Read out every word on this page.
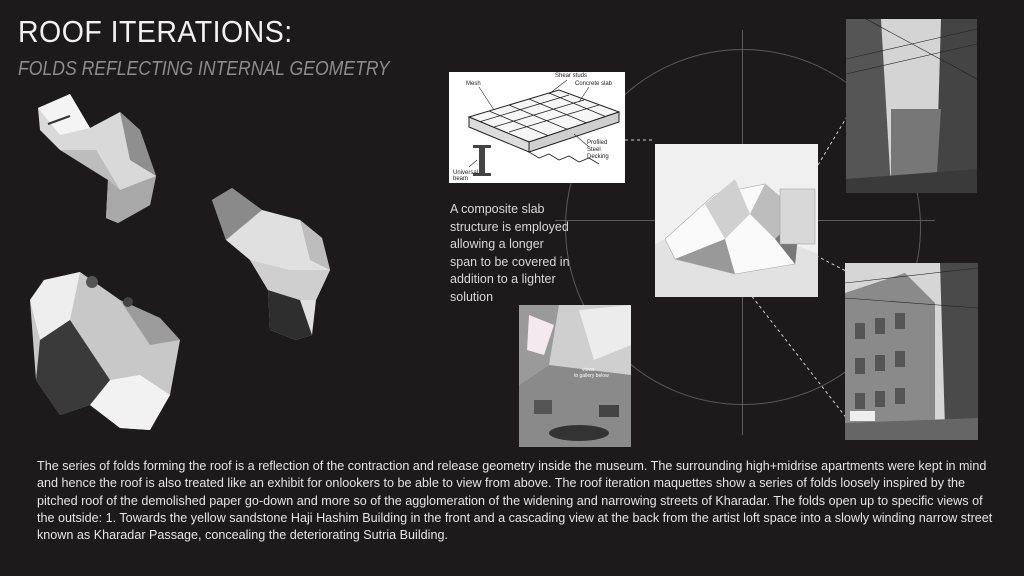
ROOF ITERATIONS:
FOLDS REFLECTING INTERNAL GEOMETRY	Shear studs
Mesh	Concrete slab
Profiled
Steel
Decking
Universal
beam
A composite slab structure is employed allowing a longer span to be covered in addition to a lighter solution
views
to gallery below
The series of folds forming the roof is a reflection of the contraction and release geometry inside the museum. The surrounding high+midrise apartments were kept in mind and hence the roof is also treated like an exhibit for onlookers to be able to view from above. The roof iteration maquettes show a series of folds loosely inspired by the pitched roof of the demolished paper go-down and more so of the agglomeration of the widening and narrowing streets of Kharadar. The folds open up to specific views of the outside: 1. Towards the yellow sandstone Haji Hashim Building in the front and a cascading view at the back from the artist loft space into a slowly winding narrow street known as Kharadar Passage, concealing the deteriorating Sutria Building.
